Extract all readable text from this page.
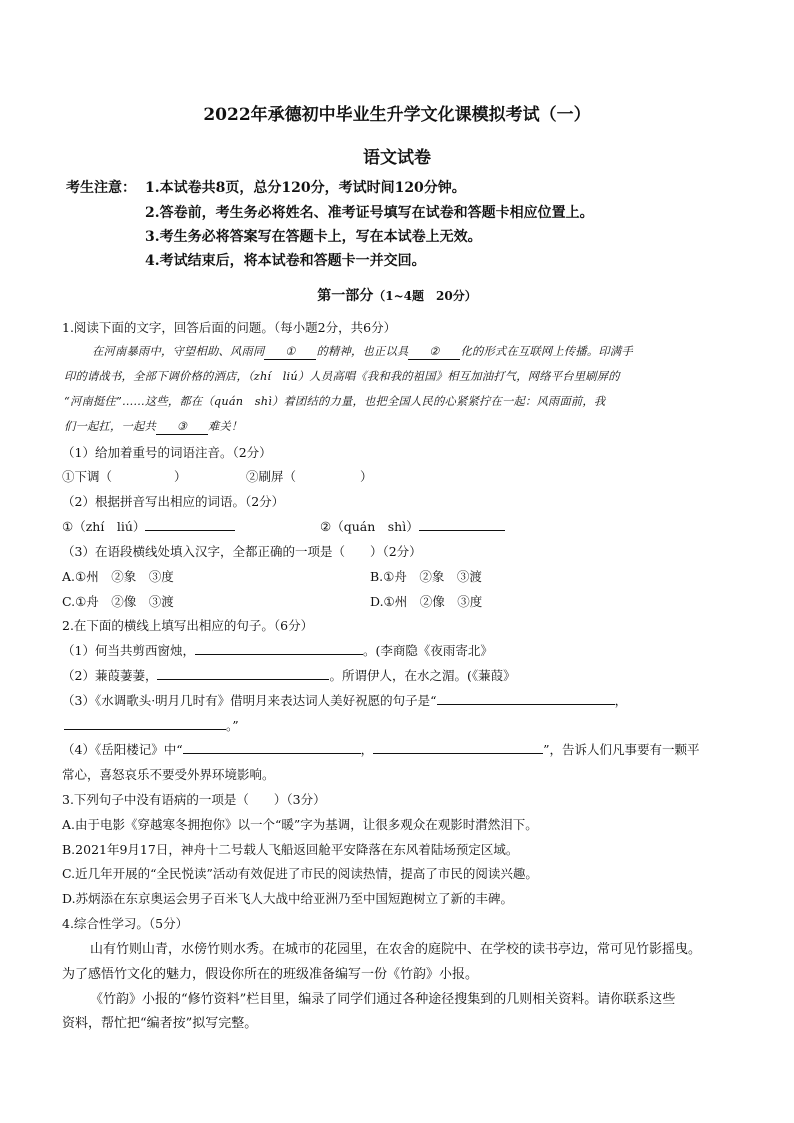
2022年承德初中毕业生升学文化课模拟考试（一）
语文试卷
考生注意： 1.本试卷共8页，总分120分，考试时间120分钟。
2.答卷前，考生务必将姓名、准考证号填写在试卷和答题卡相应位置上。
3.考生务必将答案写在答题卡上，写在本试卷上无效。
4.考试结束后，将本试卷和答题卡一并交回。
第一部分（1~4题　20分）
1.阅读下面的文字，回答后面的问题。（每小题2分，共6分）
在河南暴雨中，守望相助、风雨同 ① 的精神，也正以具 ② 化的形式在互联网上传播。印满手
印的请战书，全部下调价格的酒店，（zhí　liú）人员高唱《我和我的祖国》相互加油打气，网络平台里刷屏的
“河南挺住”……这些，都在（quán　shì）着团结的力量，也把全国人民的心紧紧拧在一起：风雨面前，我
们一起扛，一起共 ③ 难关！
（1）给加着重号的词语注音。（2分）
①下调（	）	②刷屏（	）
（2）根据拼音写出相应的词语。（2分）
①（zhí　liú）	②（quán　shì）
（3）在语段横线处填入汉字，全都正确的一项是（　　）（2分）
A.①州　②象　③度	B.①舟　②象　③渡
C.①舟　②像　③渡	D.①州　②像　③度
2.在下面的横线上填写出相应的句子。（6分）
（1）何当共剪西窗烛，	。(李商隐《夜雨寄北》
（2）蒹葭萋萋，	。所谓伊人，在水之湄。(《蒹葭》
（3）《水调歌头·明月几时有》借明月来表达词人美好祝愿的句子是“	，
。”
（4）《岳阳楼记》中“	，	”，告诉人们凡事要有一颗平
常心，喜怒哀乐不要受外界环境影响。
3.下列句子中没有语病的一项是（　　）（3分）
A.由于电影《穿越寒冬拥抱你》以一个“暖”字为基调，让很多观众在观影时潸然泪下。
B.2021年9月17日，神舟十二号载人飞船返回舱平安降落在东风着陆场预定区域。
C.近几年开展的“全民悦读”活动有效促进了市民的阅读热情，提高了市民的阅读兴趣。
D.苏炳添在东京奥运会男子百米飞人大战中给亚洲乃至中国短跑树立了新的丰碑。
4.综合性学习。（5分）
山有竹则山青，水傍竹则水秀。在城市的花园里，在农舍的庭院中、在学校的读书亭边，常可见竹影摇曳。
为了感悟竹文化的魅力，假设你所在的班级准备编写一份《竹韵》小报。
《竹韵》小报的“修竹资料”栏目里，编录了同学们通过各种途径搜集到的几则相关资料。请你联系这些
资料，帮忙把“编者按”拟写完整。
